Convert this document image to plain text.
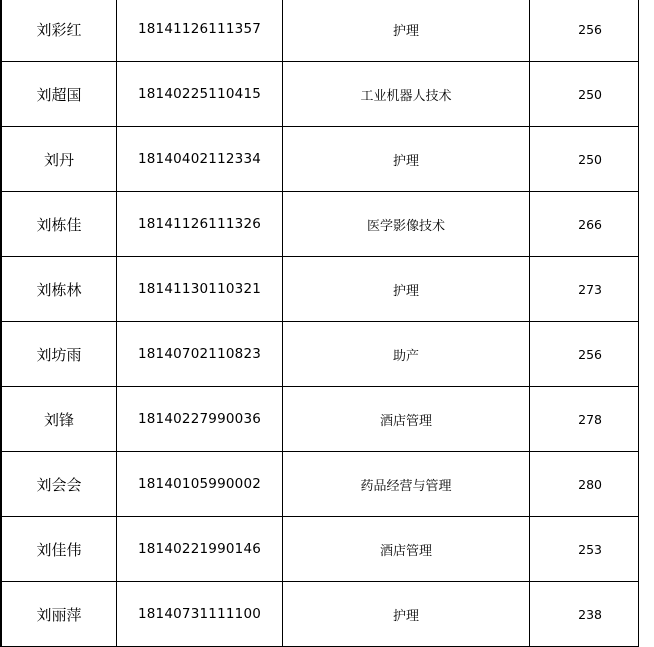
刘彩红	18141126111357	护理	256
刘超国	18140225110415	工业机器人技术	250
刘丹	18140402112334	护理	250
刘栋佳	18141126111326	医学影像技术	266
刘栋林	18141130110321	护理	273
刘坊雨	18140702110823	助产	256
刘锋	18140227990036	酒店管理	278
刘会会	18140105990002	药品经营与管理	280
刘佳伟	18140221990146	酒店管理	253
刘丽萍	18140731111100	护理	238
